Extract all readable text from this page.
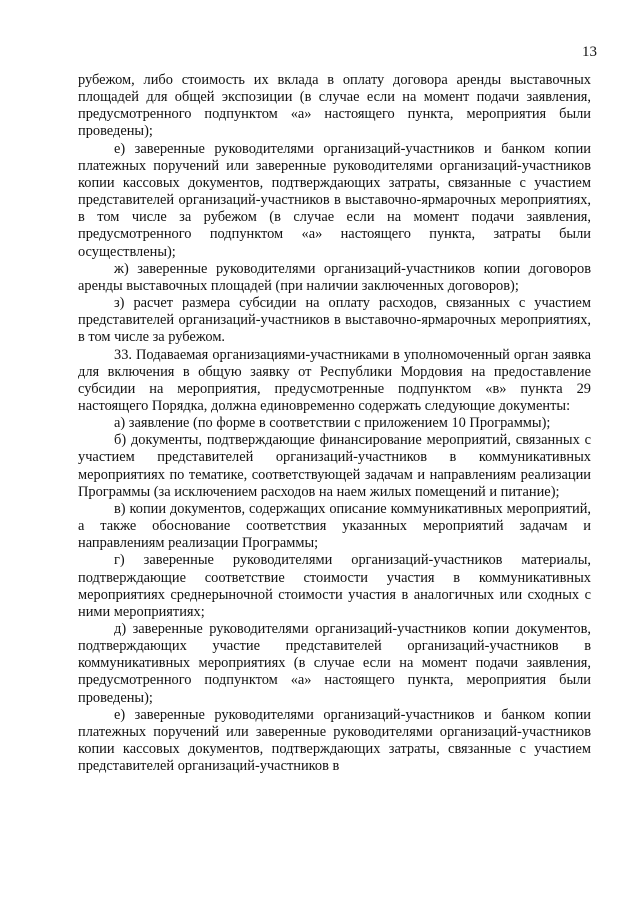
13

рубежом, либо стоимость их вклада в оплату договора аренды выставочных площадей для общей экспозиции (в случае если на момент подачи заявления, предусмотренного подпунктом «а» настоящего пункта, мероприятия были проведены);

е) заверенные руководителями организаций-участников и банком копии платежных поручений или заверенные руководителями организаций-участников копии кассовых документов, подтверждающих затраты, связанные с участием представителей организаций-участников в выставочно-ярмарочных мероприятиях, в том числе за рубежом (в случае если на момент подачи заявления, предусмотренного подпунктом «а» настоящего пункта, затраты были осуществлены);

ж) заверенные руководителями организаций-участников копии договоров аренды выставочных площадей (при наличии заключенных договоров);

з) расчет размера субсидии на оплату расходов, связанных с участием представителей организаций-участников в выставочно-ярмарочных мероприятиях, в том числе за рубежом.

33. Подаваемая организациями-участниками в уполномоченный орган заявка для включения в общую заявку от Республики Мордовия на предоставление субсидии на мероприятия, предусмотренные подпунктом «в» пункта 29 настоящего Порядка, должна единовременно содержать следующие документы:

а) заявление (по форме в соответствии с приложением 10 Программы);

б) документы, подтверждающие финансирование мероприятий, связанных с участием представителей организаций-участников в коммуникативных мероприятиях по тематике, соответствующей задачам и направлениям реализации Программы (за исключением расходов на наем жилых помещений и питание);

в) копии документов, содержащих описание коммуникативных мероприятий, а также обоснование соответствия указанных мероприятий задачам и направлениям реализации Программы;

г) заверенные руководителями организаций-участников материалы, подтверждающие соответствие стоимости участия в коммуникативных мероприятиях среднерыночной стоимости участия в аналогичных или сходных с ними мероприятиях;

д) заверенные руководителями организаций-участников копии документов, подтверждающих участие представителей организаций-участников в коммуникативных мероприятиях (в случае если на момент подачи заявления, предусмотренного подпунктом «а» настоящего пункта, мероприятия были проведены);

е) заверенные руководителями организаций-участников и банком копии платежных поручений или заверенные руководителями организаций-участников копии кассовых документов, подтверждающих затраты, связанные с участием представителей организаций-участников в
